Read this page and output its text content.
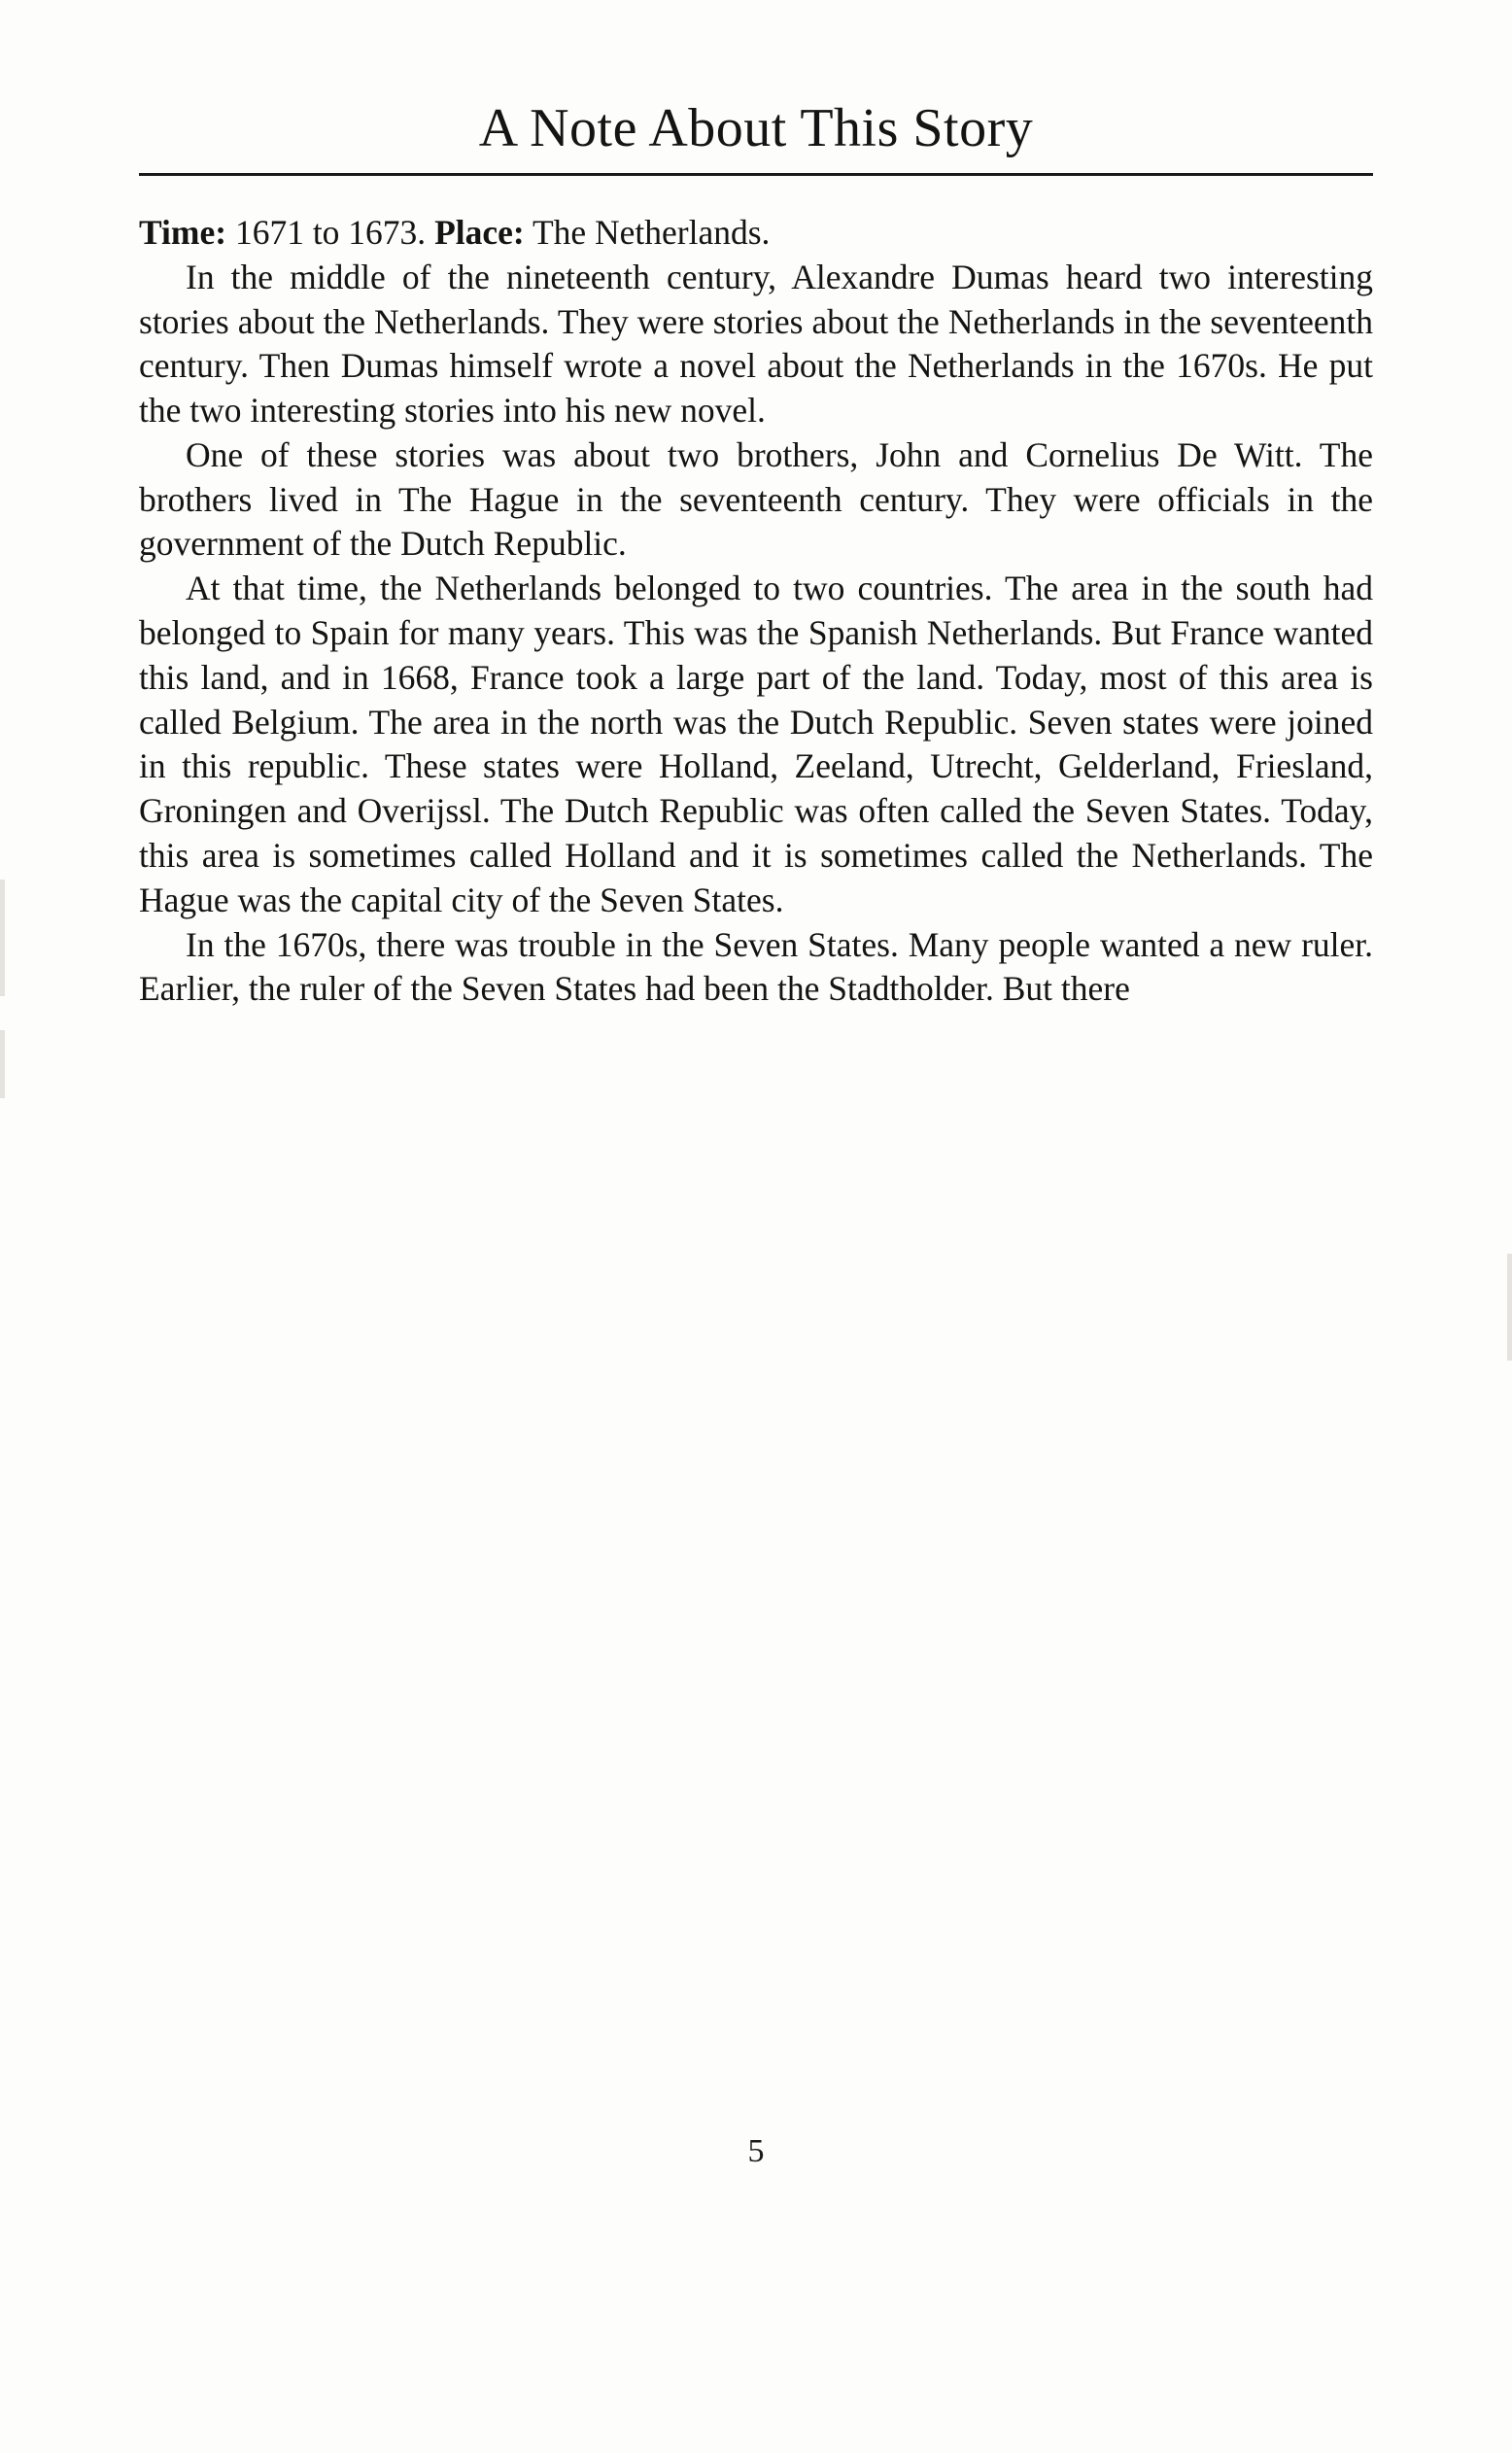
A Note About This Story

Time: 1671 to 1673. Place: The Netherlands.

In the middle of the nineteenth century, Alexandre Dumas heard two interesting stories about the Netherlands. They were stories about the Netherlands in the seventeenth century. Then Dumas himself wrote a novel about the Netherlands in the 1670s. He put the two interesting stories into his new novel.

One of these stories was about two brothers, John and Cornelius De Witt. The brothers lived in The Hague in the seventeenth century. They were officials in the government of the Dutch Republic.

At that time, the Netherlands belonged to two countries. The area in the south had belonged to Spain for many years. This was the Spanish Netherlands. But France wanted this land, and in 1668, France took a large part of the land. Today, most of this area is called Belgium. The area in the north was the Dutch Republic. Seven states were joined in this republic. These states were Holland, Zeeland, Utrecht, Gelderland, Friesland, Groningen and Overijssl. The Dutch Republic was often called the Seven States. Today, this area is sometimes called Holland and it is sometimes called the Netherlands. The Hague was the capital city of the Seven States.

In the 1670s, there was trouble in the Seven States. Many people wanted a new ruler. Earlier, the ruler of the Seven States had been the Stadtholder. But there

5
